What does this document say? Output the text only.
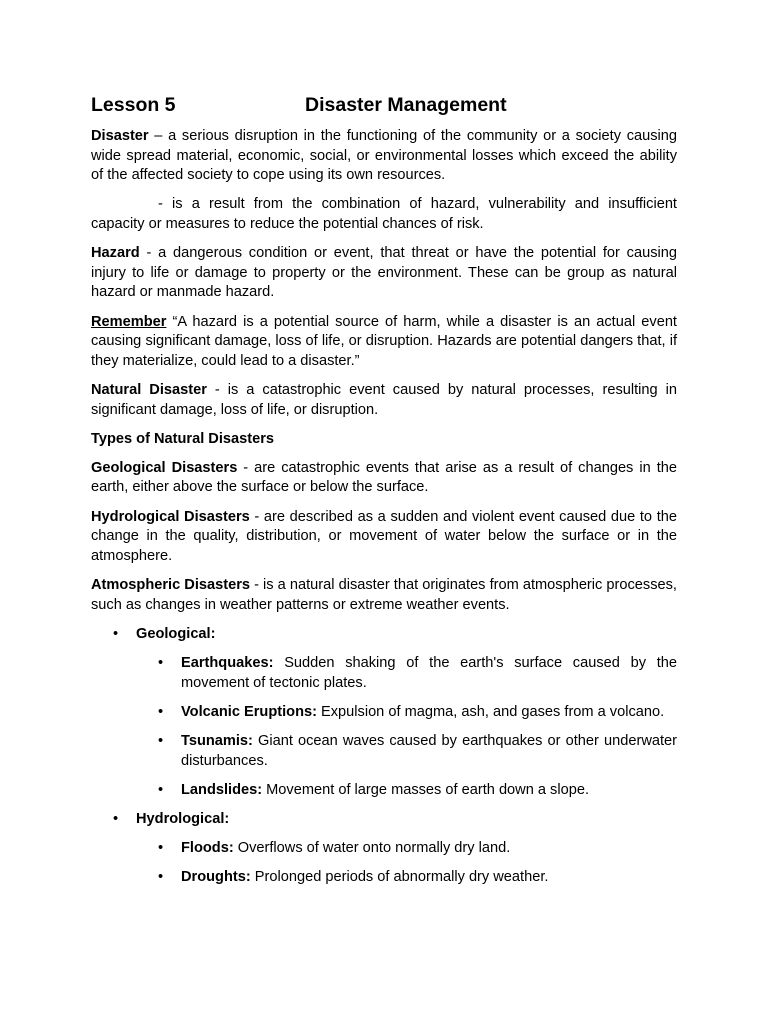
Lesson 5	Disaster Management

Disaster – a serious disruption in the functioning of the community or a society causing wide spread material, economic, social, or environmental losses which exceed the ability of the affected society to cope using its own resources.

- is a result from the combination of hazard, vulnerability and insufficient capacity or measures to reduce the potential chances of risk.

Hazard - a dangerous condition or event, that threat or have the potential for causing injury to life or damage to property or the environment. These can be group as natural hazard or manmade hazard.

Remember “A hazard is a potential source of harm, while a disaster is an actual event causing significant damage, loss of life, or disruption. Hazards are potential dangers that, if they materialize, could lead to a disaster.”

Natural Disaster - is a catastrophic event caused by natural processes, resulting in significant damage, loss of life, or disruption.

Types of Natural Disasters

Geological Disasters - are catastrophic events that arise as a result of changes in the earth, either above the surface or below the surface.

Hydrological Disasters - are described as a sudden and violent event caused due to the change in the quality, distribution, or movement of water below the surface or in the atmosphere.

Atmospheric Disasters - is a natural disaster that originates from atmospheric processes, such as changes in weather patterns or extreme weather events.

• Geological:
• Earthquakes: Sudden shaking of the earth's surface caused by the movement of tectonic plates.
• Volcanic Eruptions: Expulsion of magma, ash, and gases from a volcano.
• Tsunamis: Giant ocean waves caused by earthquakes or other underwater disturbances.
• Landslides: Movement of large masses of earth down a slope.
• Hydrological:
• Floods: Overflows of water onto normally dry land.
• Droughts: Prolonged periods of abnormally dry weather.
